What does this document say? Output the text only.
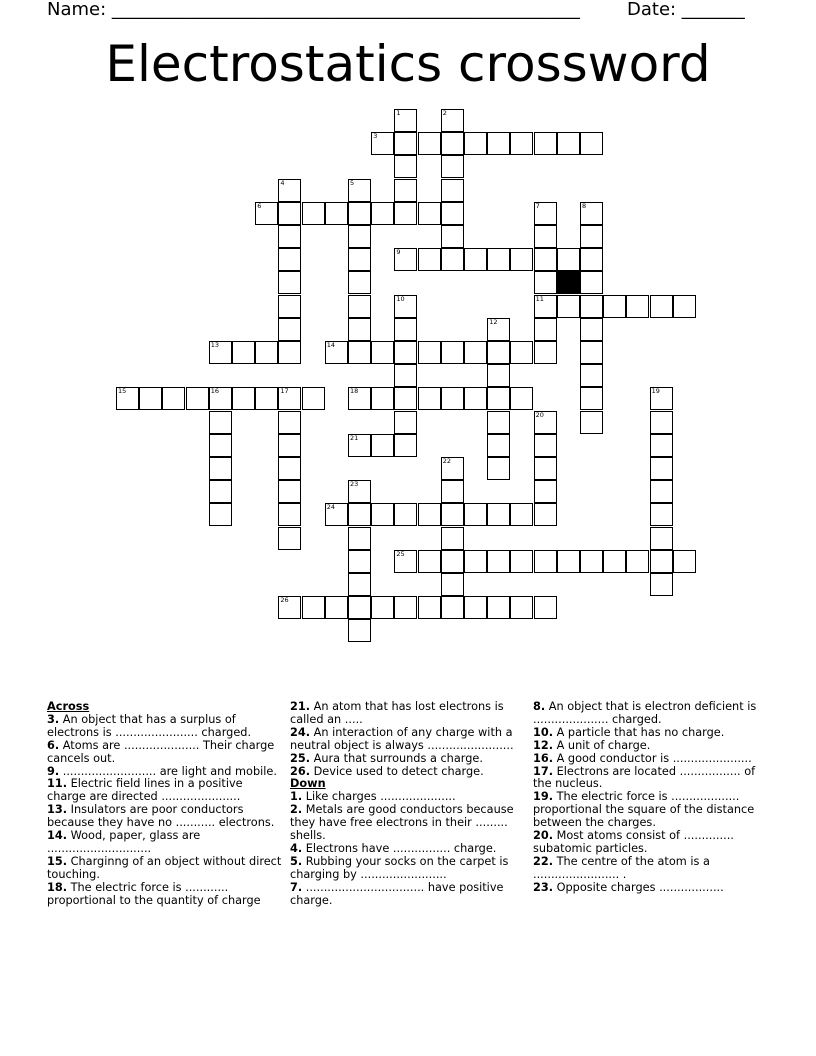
Name: ____________________________________________________	Date: _______
Electrostatics crossword
1	2
3
4	5
6	7	8
9
10	11
12
13	14
15	16	17	18	19
20
21
22
23
24
25
26
Across

3. An object that has a surplus of electrons is ....................... charged.

6. Atoms are ..................... Their charge cancels out.

9. .......................... are light and mobile.

11. Electric field lines in a positive charge are directed ......................

13. Insulators are poor conductors because they have no ........... electrons.

14. Wood, paper, glass are .............................

15. Charginng of an object without direct touching.

18. The electric force is ............ proportional to the quantity of charge

21. An atom that has lost electrons is called an .....

24. An interaction of any charge with a neutral object is always ........................

25. Aura that surrounds a charge.

26. Device used to detect charge.

Down

1. Like charges .....................

2. Metals are good conductors because they have free electrons in their ......... shells.

4. Electrons have ................ charge.

5. Rubbing your socks on the carpet is charging by ........................

7. ................................. have positive charge.

8. An object that is electron deficient is ..................... charged.

10. A particle that has no charge.

12. A unit of charge.

16. A good conductor is ......................

17. Electrons are located ................. of the nucleus.

19. The electric force is ................... proportional the square of the distance between the charges.

20. Most atoms consist of .............. subatomic particles.

22. The centre of the atom is a ........................ .

23. Opposite charges ..................
